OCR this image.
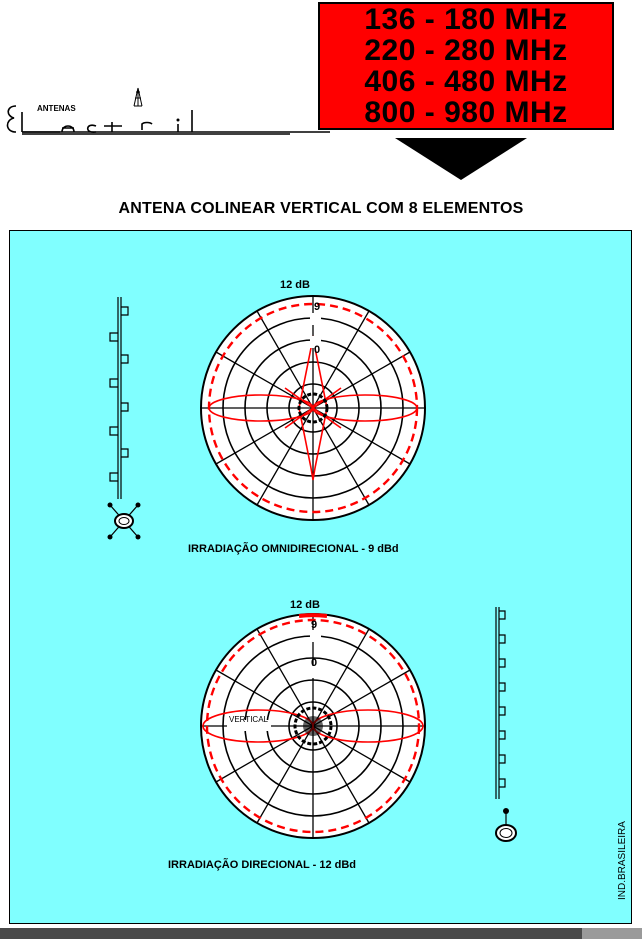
136 - 180 MHz
220 - 280 MHz
406 - 480 MHz
800 - 980 MHz
ANTENAS
ANTENA COLINEAR VERTICAL COM 8 ELEMENTOS
12 dB
9
0
IRRADIAÇÃO OMNIDIRECIONAL - 9 dBd
12 dB
9
0
VERTICAL
IRRADIAÇÃO DIRECIONAL - 12 dBd	IND.BRASILEIRA
